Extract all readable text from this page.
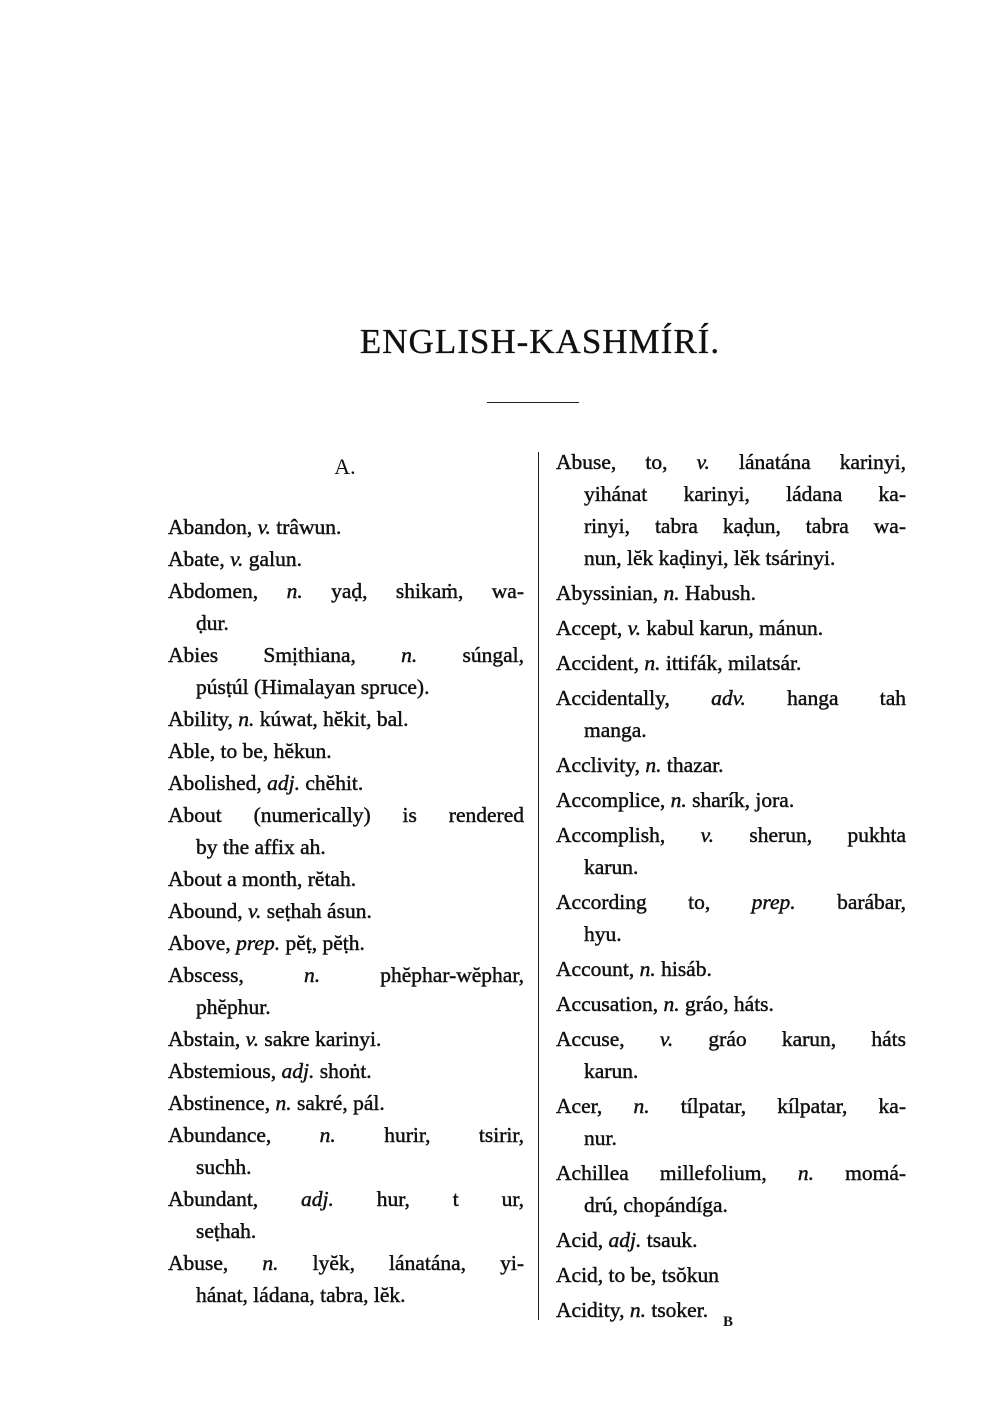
ENGLISH-KASHMÍRÍ.
A.
Abandon, v. trâwun.
Abate, v. galun.
Abdomen, n. yaḍ, shikaṁ, wa-
ḍur.
Abies Smịthiana, n. súngal,
púsṭúl (Himalayan spruce).
Ability, n. kúwat, hĕkit, bal.
Able, to be, hĕkun.
Abolished, adj. chĕhit.
About (numerically) is rendered
by the affix ah.
About a month, rĕtah.
Abound, v. seṭhah ásun.
Above, prep. pĕṭ, pĕṭh.
Abscess,	n.	phĕphar-wĕphar,
phĕphur.
Abstain, v. sakre karinyi.
Abstemious, adj. shoṅt.
Abstinence, n. sakré, pál.
Abundance, n. hurir, tsirir,
suchh.
Abundant, adj. hur, t ur,
seṭhah.
Abuse, n. lyĕk, lánatána, yi-
hánat, ládana, tabra, lĕk.
Abuse, to, v. lánatána karinyi,
yihánat karinyi, ládana ka-
rinyi, tabra kaḍun, tabra wa-
nun, lĕk kaḍinyi, lĕk tsárinyi.
Abyssinian, n. Habush.
Accept, v. kabul karun, mánun.
Accident, n. ittifák, milatsár.
Accidentally, adv. hanga tah
manga.
Acclivity, n. thazar.
Accomplice, n. sharík, jora.
Accomplish, v. sherun, pukhta
karun.
According to, prep. barábar,
hyu.
Account, n. hisáb.
Accusation, n. gráo, háts.
Accuse, v. gráo karun, háts
karun.
Acer, n. tílpatar, kílpatar, ka-
nur.
Achillea millefolium, n. momá-
drú, chopándíga.
Acid, adj. tsauk.
Acid, to be, tsŏkun
Acidity, n. tsoker. B
